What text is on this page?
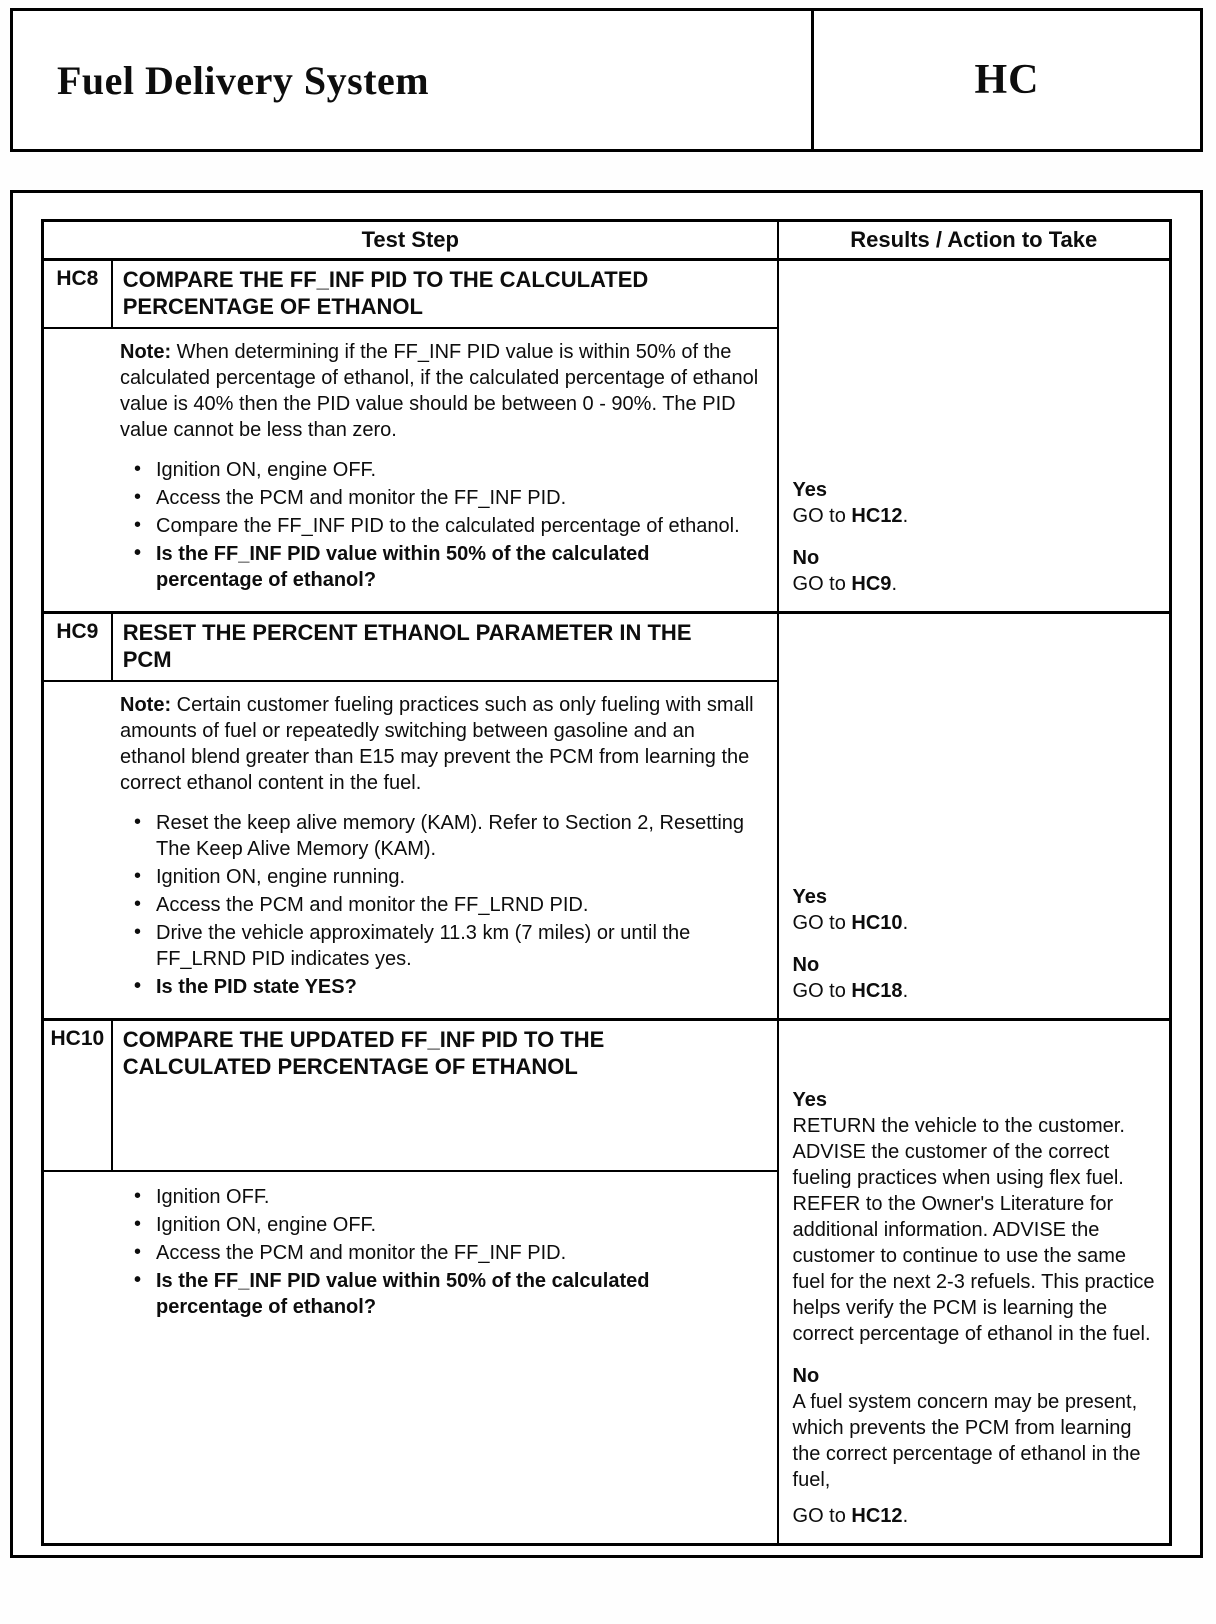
Fuel Delivery System	HC
Test Step		Results / Action to Take
HC8	COMPARE THE FF_INF PID TO THE CALCULATED PERCENTAGE OF ETHANOL	Yes
GO to HC12.
No
GO to HC9.

Note: When determining if the FF_INF PID value is within 50% of the calculated percentage of ethanol, if the calculated percentage of ethanol value is 40% then the PID value should be between 0 - 90%. The PID value cannot be less than zero.
• Ignition ON, engine OFF.
• Access the PCM and monitor the FF_INF PID.
• Compare the FF_INF PID to the calculated percentage of ethanol.
• Is the FF_INF PID value within 50% of the calculated percentage of ethanol?

HC9	RESET THE PERCENT ETHANOL PARAMETER IN THE PCM	Yes
GO to HC10.
No
GO to HC18.

Note: Certain customer fueling practices such as only fueling with small amounts of fuel or repeatedly switching between gasoline and an ethanol blend greater than E15 may prevent the PCM from learning the correct ethanol content in the fuel.
• Reset the keep alive memory (KAM). Refer to Section 2, Resetting The Keep Alive Memory (KAM).
• Ignition ON, engine running.
• Access the PCM and monitor the FF_LRND PID.
• Drive the vehicle approximately 11.3 km (7 miles) or until the FF_LRND PID indicates yes.
• Is the PID state YES?

HC10	COMPARE THE UPDATED FF_INF PID TO THE CALCULATED PERCENTAGE OF ETHANOL	Yes
RETURN the vehicle to the customer. ADVISE the customer of the correct fueling practices when using flex fuel. REFER to the Owner's Literature for additional information. ADVISE the customer to continue to use the same fuel for the next 2-3 refuels. This practice helps verify the PCM is learning the correct percentage of ethanol in the fuel.
No
A fuel system concern may be present, which prevents the PCM from learning the correct percentage of ethanol in the fuel,
GO to HC12.

• Ignition OFF.
• Ignition ON, engine OFF.
• Access the PCM and monitor the FF_INF PID.
• Is the FF_INF PID value within 50% of the calculated percentage of ethanol?
